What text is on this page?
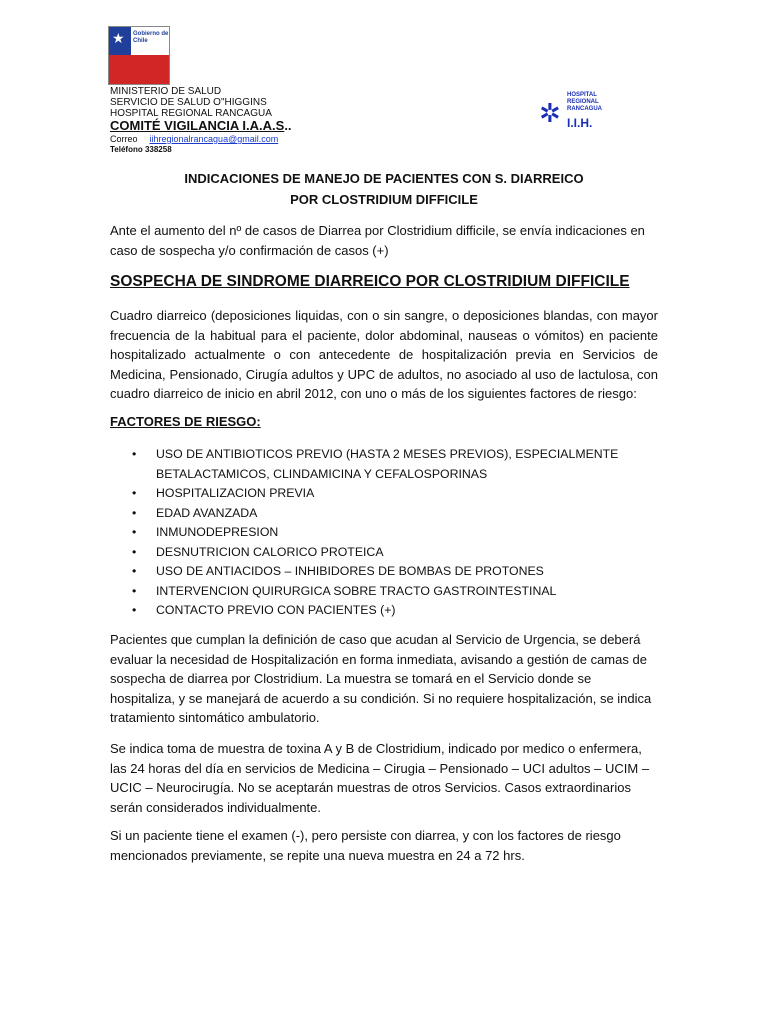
★ Gobierno de Chile
MINISTERIO DE SALUD
SERVICIO DE SALUD O"HIGGINS
HOSPITAL REGIONAL RANCAGUA
COMITÉ VIGILANCIA I.A.A.S..
Correo iihregionalrancagua@gmail.com
Teléfono 338258
✲
HOSPITAL REGIONAL RANCAGUA
I.I.H.
INDICACIONES DE MANEJO DE PACIENTES CON S. DIARREICO
POR CLOSTRIDIUM DIFFICILE
Ante el aumento del nº de casos de Diarrea por Clostridium difficile, se envía indicaciones en caso de sospecha y/o confirmación de casos (+)
SOSPECHA DE SINDROME DIARREICO POR CLOSTRIDIUM DIFFICILE
Cuadro diarreico (deposiciones liquidas, con o sin sangre, o deposiciones blandas, con mayor frecuencia de la habitual para el paciente, dolor abdominal, nauseas o vómitos) en paciente hospitalizado actualmente o con antecedente de hospitalización previa en Servicios de Medicina, Pensionado, Cirugía adultos y UPC de adultos, no asociado al uso de lactulosa, con cuadro diarreico de inicio en abril 2012, con uno o más de los siguientes factores de riesgo:
FACTORES DE RIESGO:
• USO DE ANTIBIOTICOS PREVIO (HASTA 2 MESES PREVIOS), ESPECIALMENTE BETALACTAMICOS, CLINDAMICINA Y CEFALOSPORINAS
• HOSPITALIZACION PREVIA
• EDAD AVANZADA
• INMUNODEPRESION
• DESNUTRICION CALORICO PROTEICA
• USO DE ANTIACIDOS – INHIBIDORES DE BOMBAS DE PROTONES
• INTERVENCION QUIRURGICA SOBRE TRACTO GASTROINTESTINAL
• CONTACTO PREVIO CON PACIENTES (+)
Pacientes que cumplan la definición de caso que acudan al Servicio de Urgencia, se deberá evaluar la necesidad de Hospitalización en forma inmediata, avisando a gestión de camas de sospecha de diarrea por Clostridium. La muestra se tomará en el Servicio donde se hospitaliza, y se manejará de acuerdo a su condición. Si no requiere hospitalización, se indica tratamiento sintomático ambulatorio.
Se indica toma de muestra de toxina A y B de Clostridium, indicado por medico o enfermera, las 24 horas del día en servicios de Medicina – Cirugia – Pensionado – UCI adultos – UCIM – UCIC – Neurocirugía. No se aceptarán muestras de otros Servicios. Casos extraordinarios serán considerados individualmente.
Si un paciente tiene el examen (-), pero persiste con diarrea, y con los factores de riesgo mencionados previamente, se repite una nueva muestra en 24 a 72 hrs.
